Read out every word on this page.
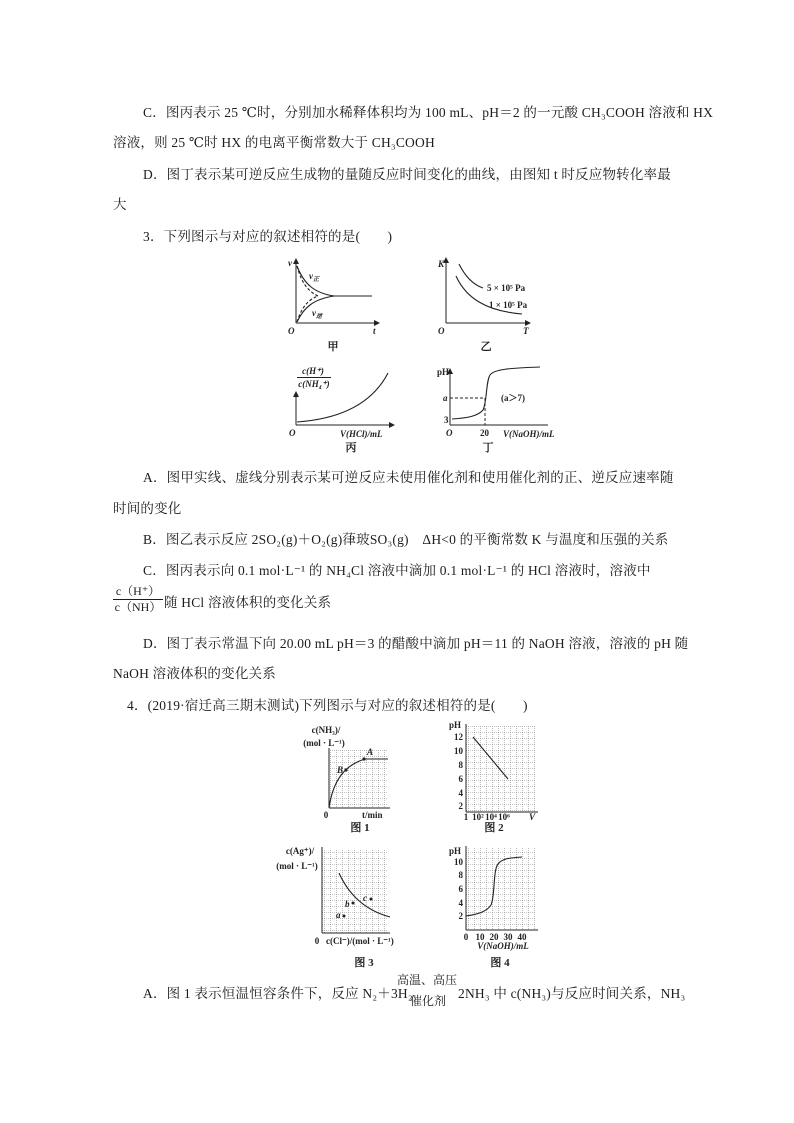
C．图丙表示 25 ℃时，分别加水稀释体积均为 100 mL、pH＝2 的一元酸 CH₃COOH 溶液和 HX
溶液，则 25 ℃时 HX 的电离平衡常数大于 CH₃COOH
D．图丁表示某可逆反应生成物的量随反应时间变化的曲线，由图知 t 时反应物转化率最
大
3．下列图示与对应的叙述相符的是(　　)
A．图甲实线、虚线分别表示某可逆反应未使用催化剂和使用催化剂的正、逆反应速率随
时间的变化
B．图乙表示反应 2SO₂(g)＋O₂(g)葎玻SO₃(g)　ΔH<0 的平衡常数 K 与温度和压强的关系
C．图丙表示向 0.1 mol·L⁻¹ 的 NH₄Cl 溶液中滴加 0.1 mol·L⁻¹ 的 HCl 溶液时，溶液中
$\frac{c(H^+)}{c(NH)}$ 随 HCl 溶液体积的变化关系
D．图丁表示常温下向 20.00 mL pH＝3 的醋酸中滴加 pH＝11 的 NaOH 溶液，溶液的 pH 随
NaOH 溶液体积的变化关系
4．(2019·宿迁高三期末测试)下列图示与对应的叙述相符的是(　　)
A．图 1 表示恒温恒容条件下，反应 N₂＋3H₂
高温、高压
催化剂 2NH₃ 中 c(NH₃)与反应时间关系，NH₃
v
O	t
$v_正$
$v_逆$
甲
K
O	T
5 × 10⁵ Pa
1 × 10⁵ Pa
乙
c(H⁺)
c(NH₄⁺)
O	V(HCl)/mL
丙
pH
a
3
O	20 V(NaOH)/mL
(a＞7)
丁
A
B
c(NH₃)/
(mol · L⁻¹)
0	t/min
图 1
pH
12
10
8
6
4
2
1 10² 10⁴ 10⁶ V
图 2
a
b
c
c(Ag⁺)/
(mol · L⁻¹)
0 c(Cl⁻)/(mol · L⁻¹)
图 3
pH
10
8
6
4
2
0 10 20 30 40
V(NaOH)/mL
图 4
